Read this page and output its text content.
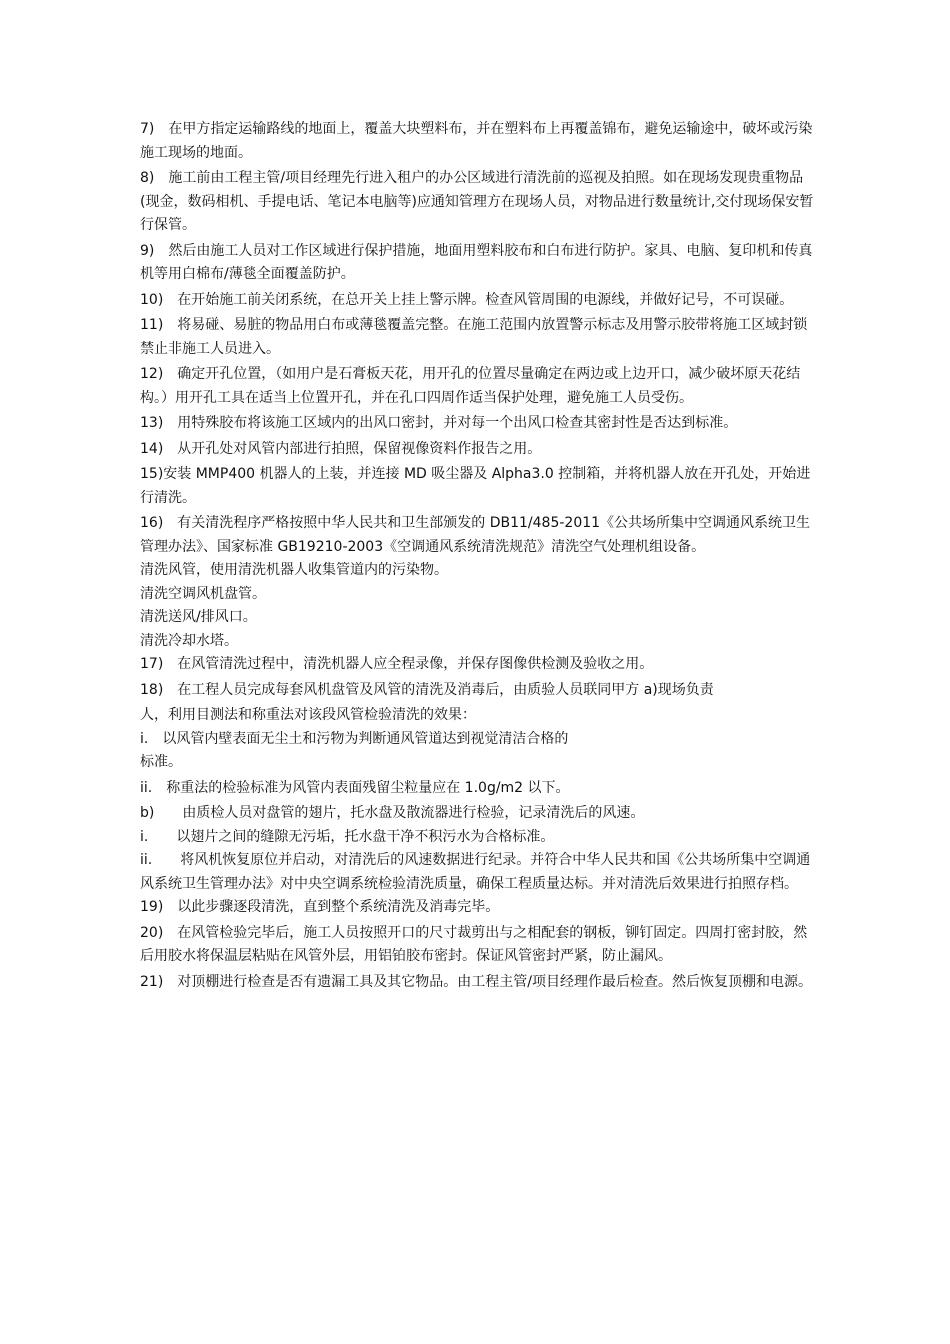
7)　在甲方指定运输路线的地面上，覆盖大块塑料布，并在塑料布上再覆盖锦布，避免运输途中，破坏或污染施工现场的地面。

8)　施工前由工程主管/项目经理先行进入租户的办公区域进行清洗前的巡视及拍照。如在现场发现贵重物品(现金，数码相机、手提电话、笔记本电脑等)应通知管理方在现场人员，对物品进行数量统计,交付现场保安暂行保管。

9)　然后由施工人员对工作区域进行保护措施，地面用塑料胶布和白布进行防护。家具、电脑、复印机和传真机等用白棉布/薄毯全面覆盖防护。

10)　在开始施工前关闭系统，在总开关上挂上警示牌。检查风管周围的电源线，并做好记号，不可误碰。

11)　将易碰、易脏的物品用白布或薄毯覆盖完整。在施工范围内放置警示标志及用警示胶带将施工区域封锁禁止非施工人员进入。

12)　确定开孔位置，（如用户是石膏板天花，用开孔的位置尽量确定在两边或上边开口，减少破坏原天花结构。）用开孔工具在适当上位置开孔，并在孔口四周作适当保护处理，避免施工人员受伤。

13)　用特殊胶布将该施工区域内的出风口密封，并对每一个出风口检查其密封性是否达到标准。

14)　从开孔处对风管内部进行拍照，保留视像资料作报告之用。

15)安装 MMP400 机器人的上装，并连接 MD 吸尘器及 Alpha3.0 控制箱，并将机器人放在开孔处，开始进行清洗。

16)　有关清洗程序严格按照中华人民共和卫生部颁发的 DB11/485-2011《公共场所集中空调通风系统卫生管理办法》、国家标准 GB19210-2003《空调通风系统清洗规范》清洗空气处理机组设备。

清洗风管，使用清洗机器人收集管道内的污染物。

清洗空调风机盘管。

清洗送风/排风口。

清洗冷却水塔。

17)　在风管清洗过程中，清洗机器人应全程录像，并保存图像供检测及验收之用。

18)　在工程人员完成每套风机盘管及风管的清洗及消毒后，由质验人员联同甲方 a)现场负责

人，利用目测法和称重法对该段风管检验清洗的效果：

i.　以风管内壁表面无尘土和污物为判断通风管道达到视觉清洁合格的

标准。

ii.　称重法的检验标准为风管内表面残留尘粒量应在 1.0g/m2 以下。

b)　　由质检人员对盘管的翅片，托水盘及散流器进行检验，记录清洗后的风速。

i.　　以翅片之间的缝隙无污垢，托水盘干净不积污水为合格标准。

ii.　　将风机恢复原位并启动，对清洗后的风速数据进行纪录。并符合中华人民共和国《公共场所集中空调通风系统卫生管理办法》对中央空调系统检验清洗质量，确保工程质量达标。并对清洗后效果进行拍照存档。

19)　以此步骤逐段清洗，直到整个系统清洗及消毒完毕。

20)　在风管检验完毕后，施工人员按照开口的尺寸裁剪出与之相配套的钢板，铆钉固定。四周打密封胶，然后用胶水将保温层粘贴在风管外层，用铝铂胶布密封。保证风管密封严紧，防止漏风。

21)　对顶棚进行检查是否有遗漏工具及其它物品。由工程主管/项目经理作最后检查。然后恢复顶棚和电源。
